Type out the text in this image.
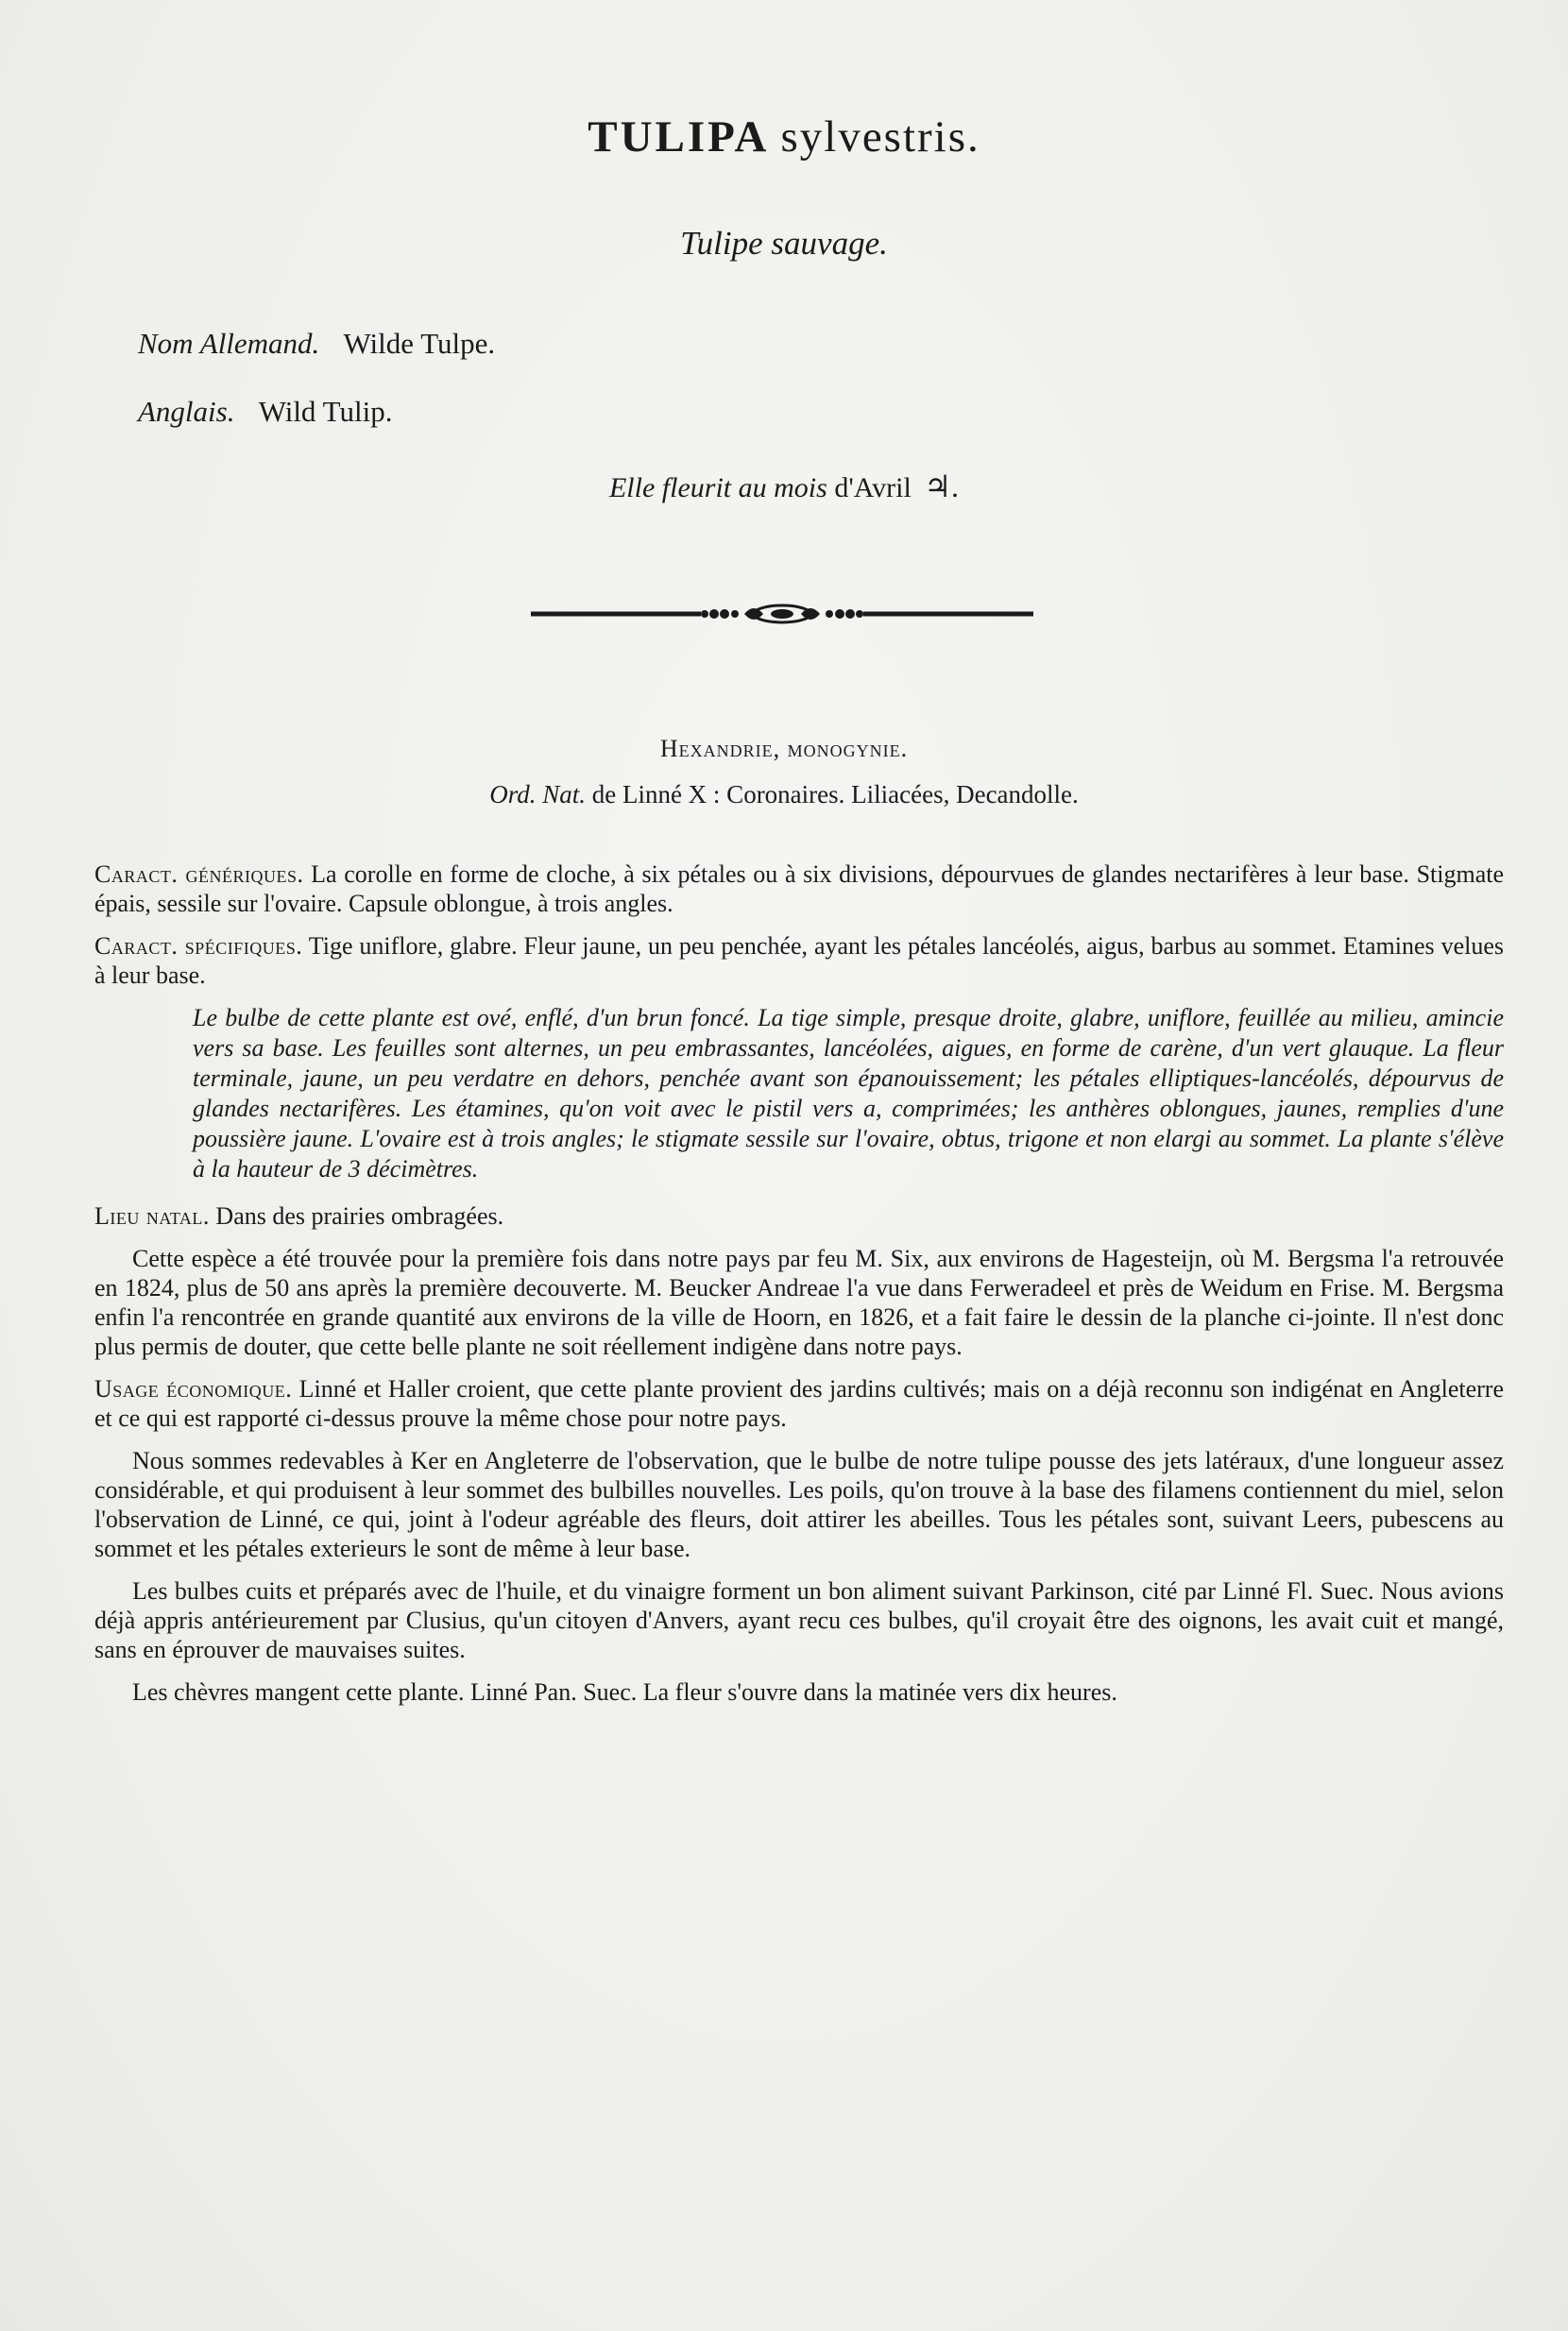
TULIPA sylvestris.
Tulipe sauvage.
Nom Allemand. Wilde Tulpe.
Anglais. Wild Tulip.
Elle fleurit au mois d'Avril ♃.
Hexandrie, monogynie.
Ord. Nat. de Linné X : Coronaires. Liliacées, Decandolle.

Caract. génériques. La corolle en forme de cloche, à six pétales ou à six divisions, dépourvues de glandes nectarifères à leur base. Stigmate épais, sessile sur l'ovaire. Capsule oblongue, à trois angles.

Caract. spécifiques. Tige uniflore, glabre. Fleur jaune, un peu penchée, ayant les pétales lancéolés, aigus, barbus au sommet. Etamines velues à leur base.

Le bulbe de cette plante est ové, enflé, d'un brun foncé. La tige simple, presque droite, glabre, uniflore, feuillée au milieu, amincie vers sa base. Les feuilles sont alternes, un peu embrassantes, lancéolées, aigues, en forme de carène, d'un vert glauque. La fleur terminale, jaune, un peu verdatre en dehors, penchée avant son épanouissement; les pétales elliptiques-lancéolés, dépourvus de glandes nectarifères. Les étamines, qu'on voit avec le pistil vers a, comprimées; les anthères oblongues, jaunes, remplies d'une poussière jaune. L'ovaire est à trois angles; le stigmate sessile sur l'ovaire, obtus, trigone et non elargi au sommet. La plante s'élève à la hauteur de 3 décimètres.

Lieu natal. Dans des prairies ombragées.

Cette espèce a été trouvée pour la première fois dans notre pays par feu M. Six, aux environs de Hagesteijn, où M. Bergsma l'a retrouvée en 1824, plus de 50 ans après la première decouverte. M. Beucker Andreae l'a vue dans Ferweradeel et près de Weidum en Frise. M. Bergsma enfin l'a rencontrée en grande quantité aux environs de la ville de Hoorn, en 1826, et a fait faire le dessin de la planche ci-jointe. Il n'est donc plus permis de douter, que cette belle plante ne soit réellement indigène dans notre pays.

Usage économique. Linné et Haller croient, que cette plante provient des jardins cultivés; mais on a déjà reconnu son indigénat en Angleterre et ce qui est rapporté ci-dessus prouve la même chose pour notre pays.

Nous sommes redevables à Ker en Angleterre de l'observation, que le bulbe de notre tulipe pousse des jets latéraux, d'une longueur assez considérable, et qui produisent à leur sommet des bulbilles nouvelles. Les poils, qu'on trouve à la base des filamens contiennent du miel, selon l'observation de Linné, ce qui, joint à l'odeur agréable des fleurs, doit attirer les abeilles. Tous les pétales sont, suivant Leers, pubescens au sommet et les pétales exterieurs le sont de même à leur base.

Les bulbes cuits et préparés avec de l'huile, et du vinaigre forment un bon aliment suivant Parkinson, cité par Linné Fl. Suec. Nous avions déjà appris antérieurement par Clusius, qu'un citoyen d'Anvers, ayant recu ces bulbes, qu'il croyait être des oignons, les avait cuit et mangé, sans en éprouver de mauvaises suites.

Les chèvres mangent cette plante. Linné Pan. Suec. La fleur s'ouvre dans la matinée vers dix heures.
